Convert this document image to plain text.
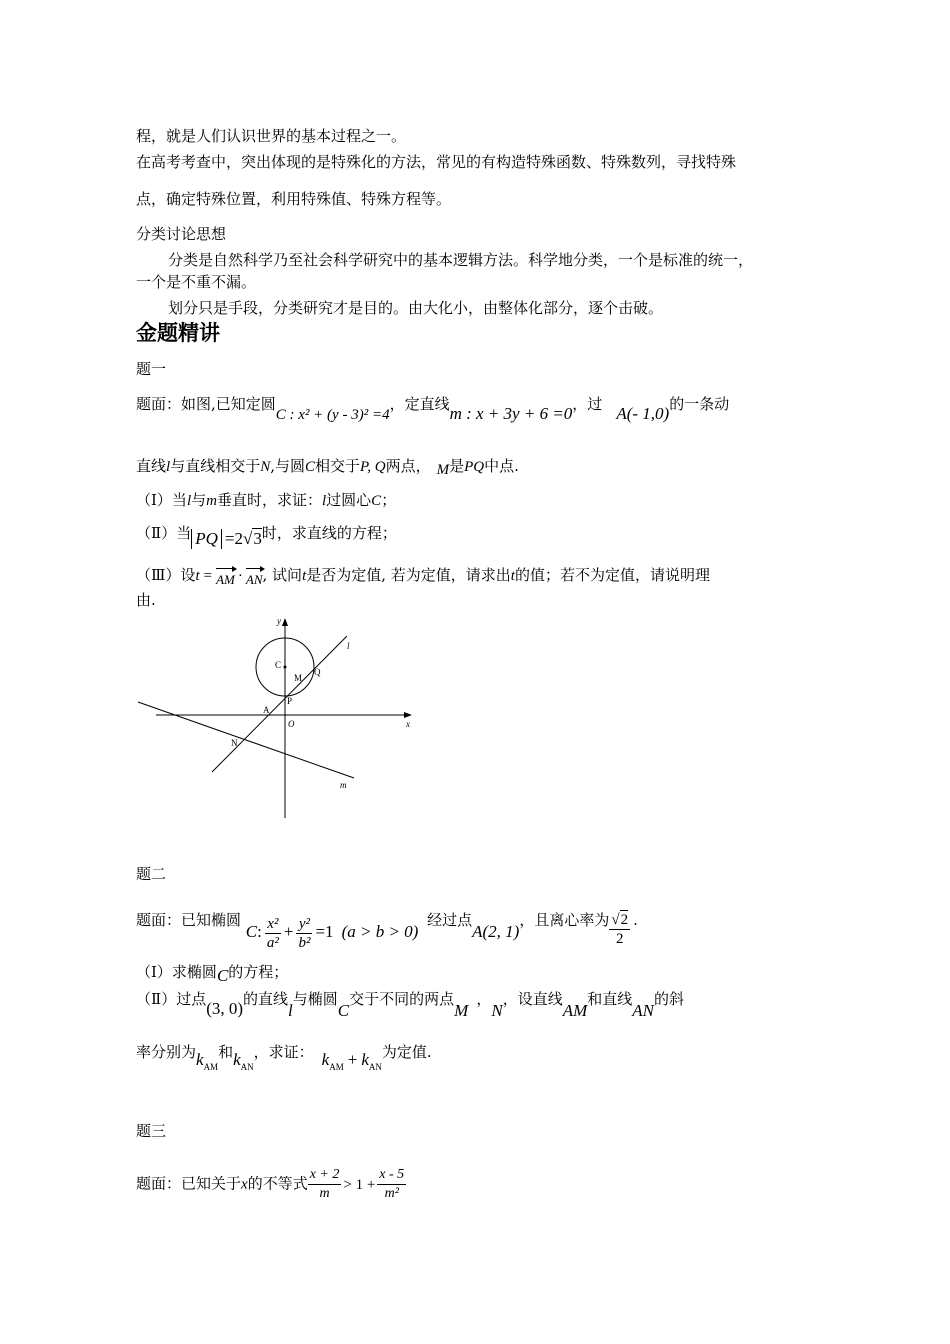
程，就是人们认识世界的基本过程之一。
在高考考查中，突出体现的是特殊化的方法，常见的有构造特殊函数、特殊数列，寻找特殊
点，确定特殊位置，利用特殊值、特殊方程等。
分类讨论思想
分类是自然科学乃至社会科学研究中的基本逻辑方法。科学地分类，一个是标准的统一，
一个是不重不漏。
划分只是手段，分类研究才是目的。由大化小，由整体化部分，逐个击破。
金题精讲
题一
题面：如图,已知定圆C : x² + (y - 3)² =4，定直线m : x + 3y + 6 =0，过 A(- 1,0)的一条动
直线l与直线相交于N,与圆C相交于P, Q两点， M是PQ中点.
（Ⅰ）当l与m垂直时，求证：l过圆心C；
（Ⅱ）当 PQ =2√3时，求直线的方程；
（Ⅲ）设t = AM · AN, 试问t是否为定值, 若为定值，请求出t的值；若不为定值，请说明理
由.
y
x
l
m
C
M
Q
P
A
O
N
题二
题面：已知椭圆 C: $\frac{\text{x²}}{\text{a²}} + \frac{\text{y²}}{\text{b²}} =1$ (a > b > 0) 经过点A(2, 1)，且离心率为 $\frac{√2}{2}$ .
（Ⅰ）求椭圆C的方程；
（Ⅱ）过点(3, 0)的直线l与椭圆C交于不同的两点M，N，设直线AM和直线AN的斜
率分别为$k_{AM}$和$k_{AN}$，求证： $k_{AM} + k_{AN}$为定值.
题三
题面：已知关于x的不等式 $\frac{x + 2}{m} > 1 + \frac{x - 5}{\text{m²}}$
